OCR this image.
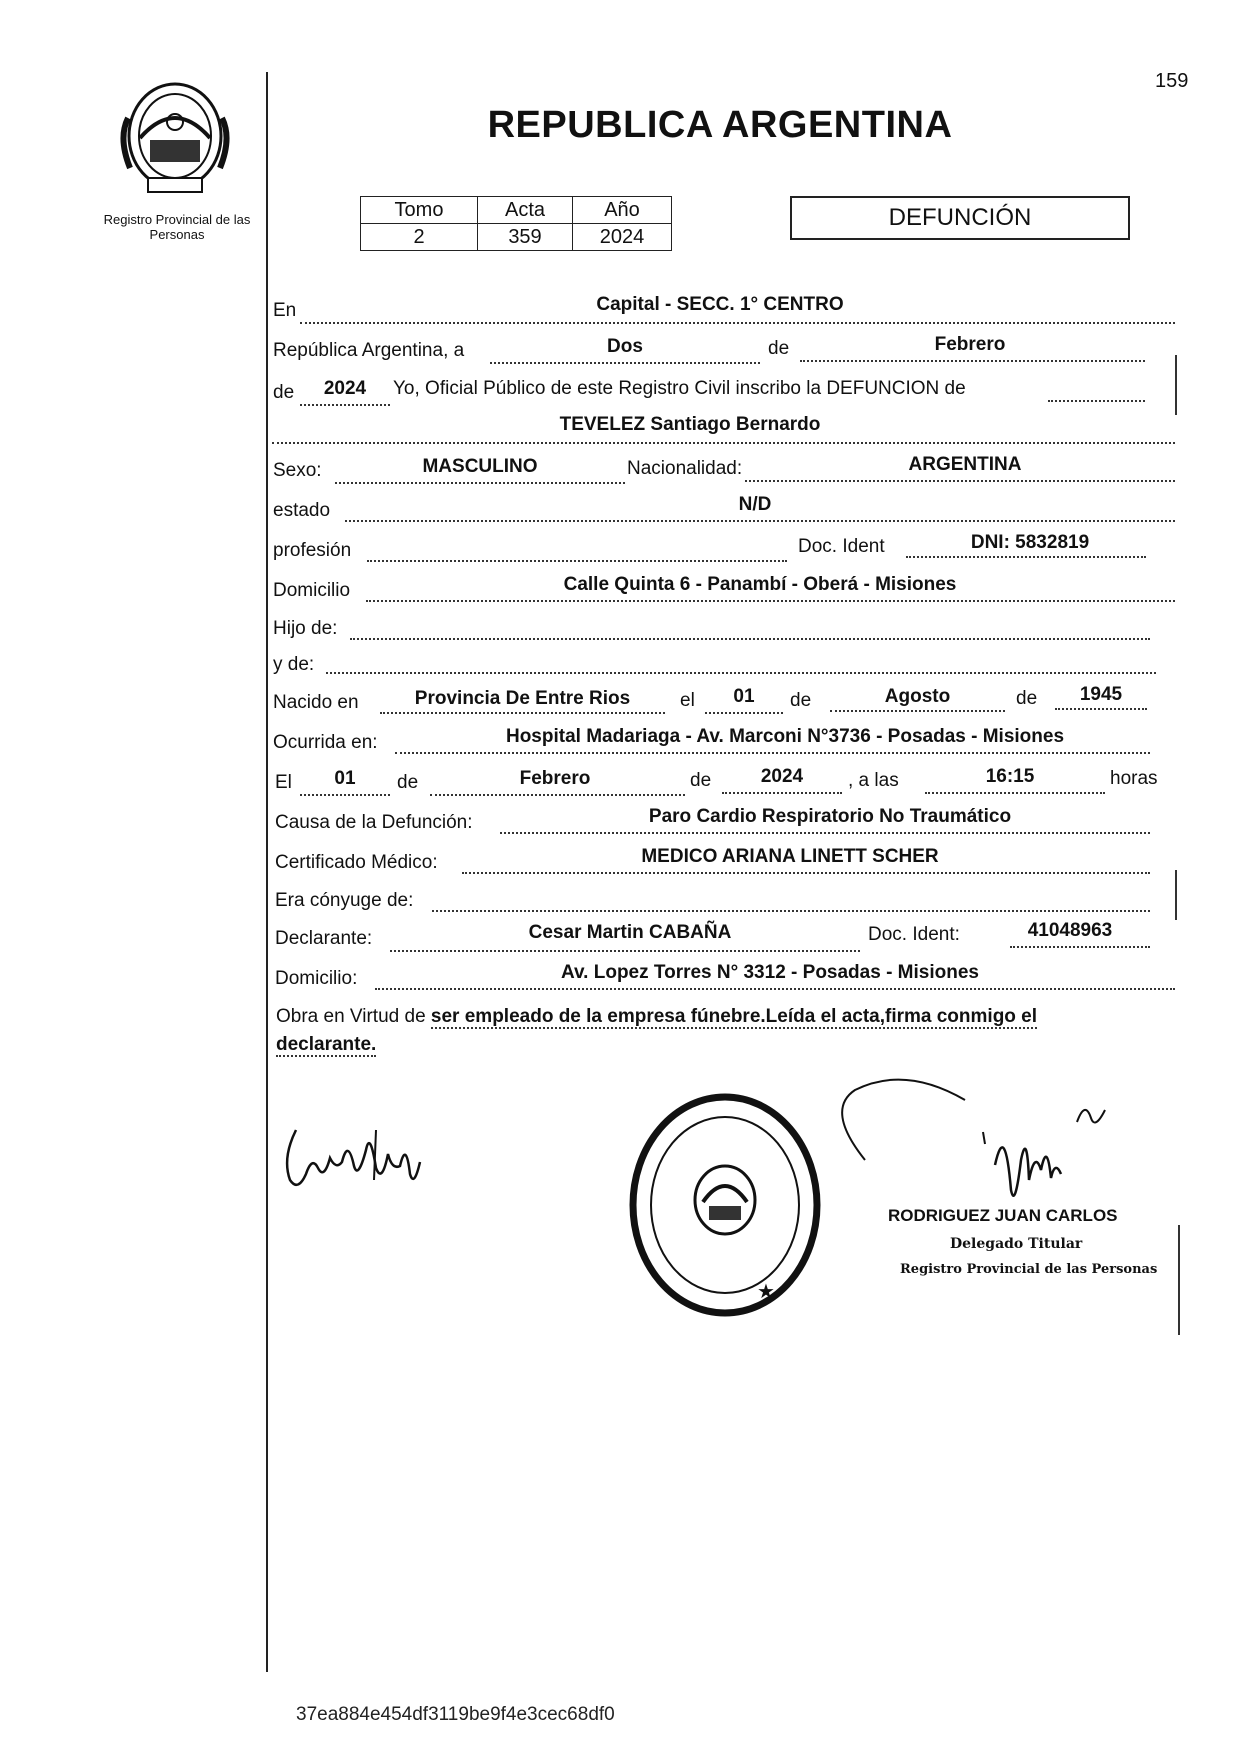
Registro Provincial de las Personas
159
REPUBLICA ARGENTINA
Tomo	Acta	Año
2	359	2024
DEFUNCIÓN
En	Capital - SECC. 1° CENTRO
República Argentina, a	Dos	de	Febrero
de	2024	Yo, Oficial Público de este Registro Civil inscribo la DEFUNCION de
TEVELEZ Santiago Bernardo
Sexo:	MASCULINO	Nacionalidad:	ARGENTINA
estado	N/D
profesión	Doc. Ident	DNI: 5832819
Domicilio	Calle Quinta 6 - Panambí - Oberá - Misiones
Hijo de:
y de:
Nacido en	Provincia De Entre Rios	el	01	de	Agosto	de	1945
Ocurrida en:	Hospital Madariaga - Av. Marconi N°3736 - Posadas - Misiones
El	01	de	Febrero	de	2024	, a las	16:15	horas
Causa de la Defunción:	Paro Cardio Respiratorio No Traumático
Certificado Médico:	MEDICO ARIANA LINETT SCHER
Era cónyuge de:
Declarante:	Cesar Martin CABAÑA	Doc. Ident:	41048963
Domicilio:	Av. Lopez Torres N° 3312 - Posadas - Misiones
Obra en Virtud de ser empleado de la empresa fúnebre.Leída el acta,firma conmigo el
declarante.
★
RODRIGUEZ JUAN CARLOS
Delegado Titular
Registro Provincial de las Personas
37ea884e454df3119be9f4e3cec68df0
